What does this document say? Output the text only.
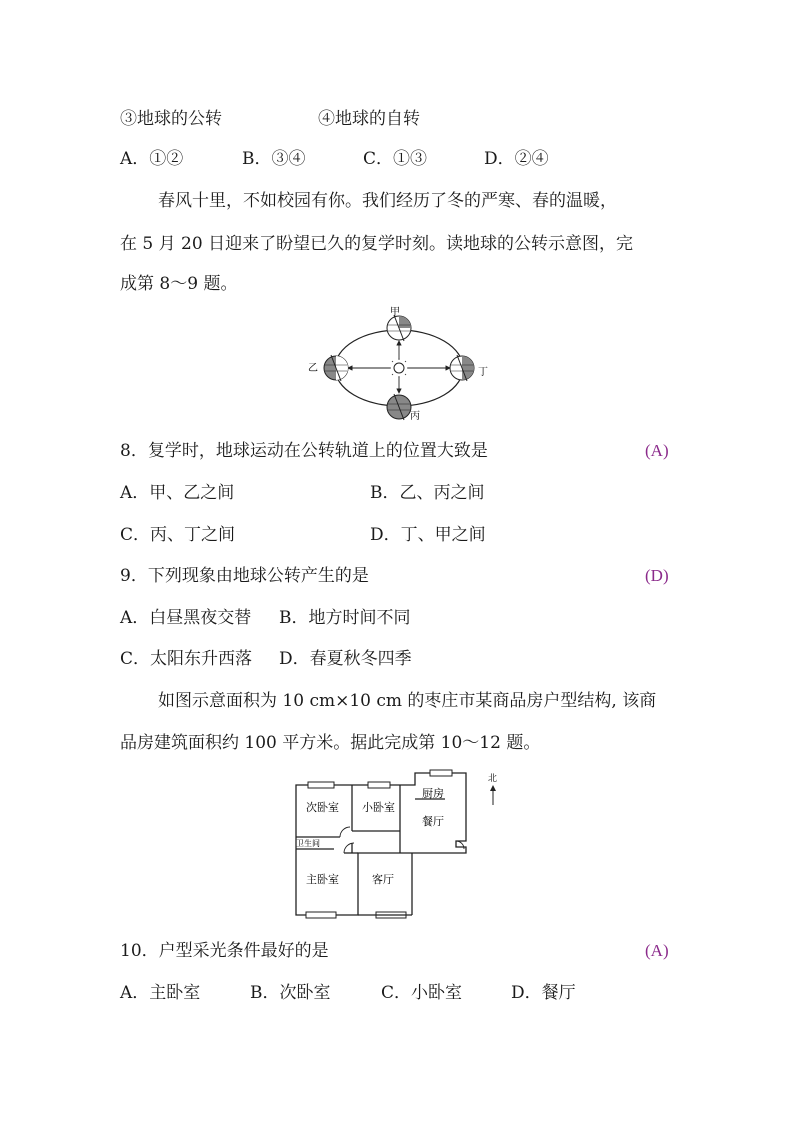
③地球的公转	④地球的自转
A．①②	B．③④	C．①③	D．②④
春风十里，不如校园有你。我们经历了冬的严寒、春的温暖，
在 5 月 20 日迎来了盼望已久的复学时刻。读地球的公转示意图，完
成第 8～9 题。
甲
乙
丙
丁
8．复学时，地球运动在公转轨道上的位置大致是	(A)
A．甲、乙之间	B．乙、丙之间
C．丙、丁之间	D．丁、甲之间
9．下列现象由地球公转产生的是	(D)
A．白昼黑夜交替 B．地方时间不同
C．太阳东升西落 D．春夏秋冬四季
如图示意面积为 10 cm×10 cm 的枣庄市某商品房户型结构, 该商
品房建筑面积约 100 平方米。据此完成第 10～12 题。
次卧室 小卧室
厨房
餐厅
卫生间
主卧室	客厅
北
10．户型采光条件最好的是	(A)
A．主卧室	B．次卧室	C．小卧室	D．餐厅
